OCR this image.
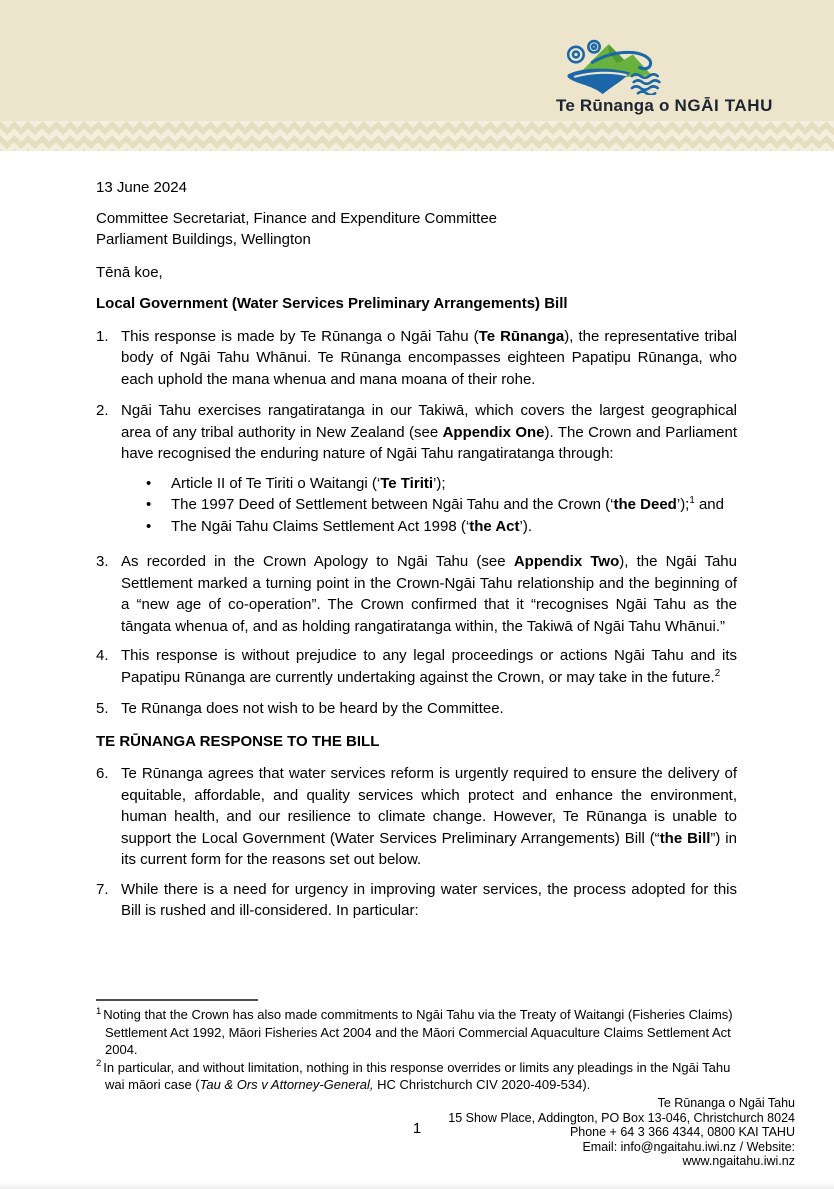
Te Rūnanga o NGĀI TAHU
13 June 2024
Committee Secretariat, Finance and Expenditure Committee
Parliament Buildings, Wellington
Tēnā koe,
Local Government (Water Services Preliminary Arrangements) Bill
1. This response is made by Te Rūnanga o Ngāi Tahu (Te Rūnanga), the representative tribal body of Ngāi Tahu Whānui. Te Rūnanga encompasses eighteen Papatipu Rūnanga, who each uphold the mana whenua and mana moana of their rohe.
2. Ngāi Tahu exercises rangatiratanga in our Takiwā, which covers the largest geographical area of any tribal authority in New Zealand (see Appendix One). The Crown and Parliament have recognised the enduring nature of Ngāi Tahu rangatiratanga through:
•	Article II of Te Tiriti o Waitangi (‘Te Tiriti’);
•	The 1997 Deed of Settlement between Ngāi Tahu and the Crown (‘the Deed’);$^1$ and
•	The Ngāi Tahu Claims Settlement Act 1998 (‘the Act’).
3. As recorded in the Crown Apology to Ngāi Tahu (see Appendix Two), the Ngāi Tahu Settlement marked a turning point in the Crown-Ngāi Tahu relationship and the beginning of a “new age of co-operation”. The Crown confirmed that it “recognises Ngāi Tahu as the tāngata whenua of, and as holding rangatiratanga within, the Takiwā of Ngāi Tahu Whānui.”
4. This response is without prejudice to any legal proceedings or actions Ngāi Tahu and its Papatipu Rūnanga are currently undertaking against the Crown, or may take in the future.$^2$
5. Te Rūnanga does not wish to be heard by the Committee.
TE RŪNANGA RESPONSE TO THE BILL
6. Te Rūnanga agrees that water services reform is urgently required to ensure the delivery of equitable, affordable, and quality services which protect and enhance the environment, human health, and our resilience to climate change. However, Te Rūnanga is unable to support the Local Government (Water Services Preliminary Arrangements) Bill (“the Bill”) in its current form for the reasons set out below.
7. While there is a need for urgency in improving water services, the process adopted for this Bill is rushed and ill-considered. In particular:
$^1$ Noting that the Crown has also made commitments to Ngāi Tahu via the Treaty of Waitangi (Fisheries Claims) Settlement Act 1992, Māori Fisheries Act 2004 and the Māori Commercial Aquaculture Claims Settlement Act 2004.
$^2$ In particular, and without limitation, nothing in this response overrides or limits any pleadings in the Ngāi Tahu wai māori case (Tau & Ors v Attorney-General, HC Christchurch CIV 2020-409-534).
Te Rūnanga o Ngāi Tahu
15 Show Place, Addington, PO Box 13-046, Christchurch 8024
Phone + 64 3 366 4344, 0800 KAI TAHU
Email: info@ngaitahu.iwi.nz / Website:
www.ngaitahu.iwi.nz
1
